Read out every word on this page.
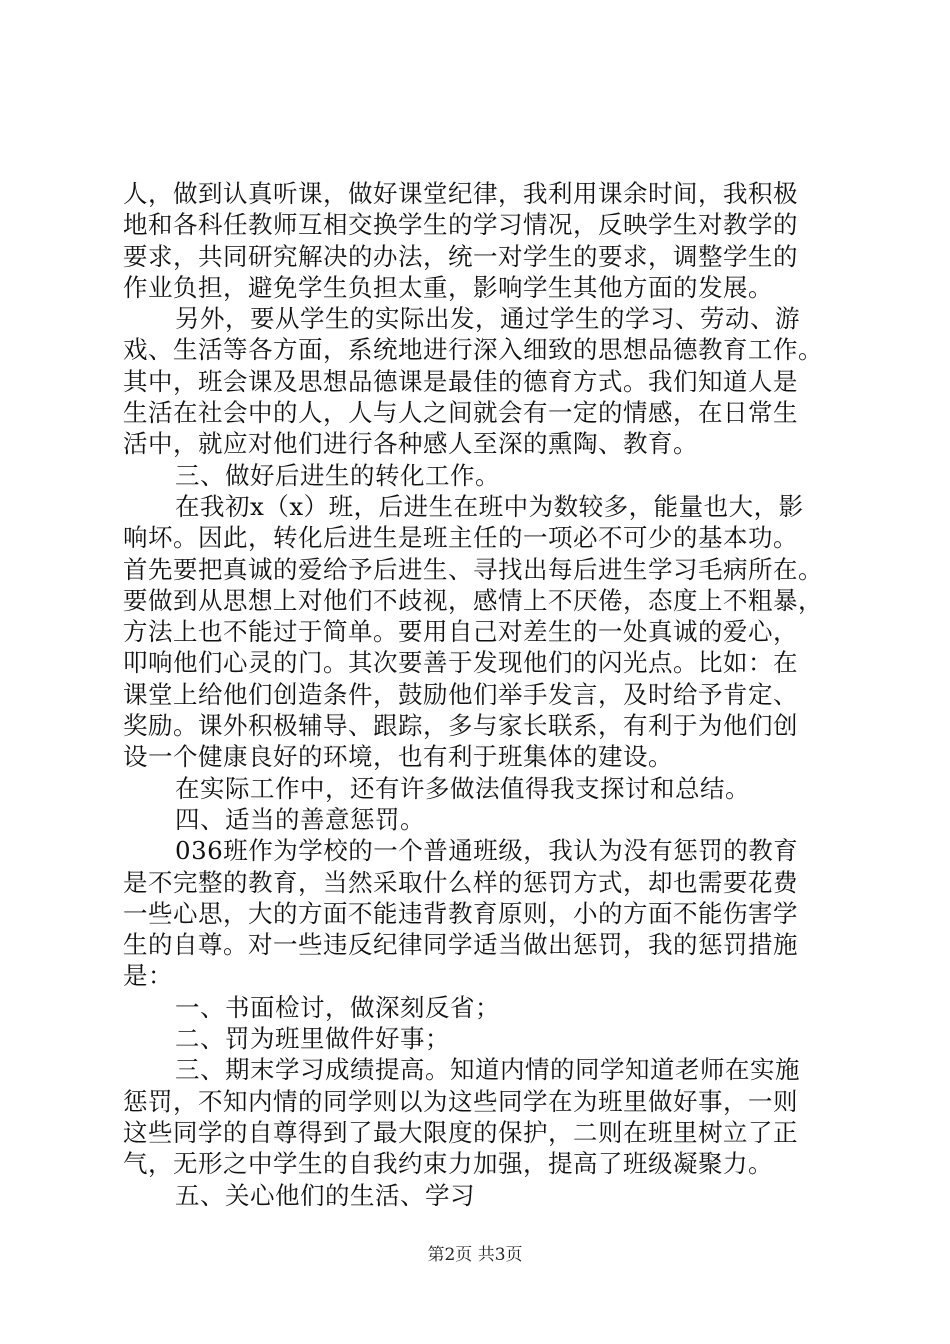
人，做到认真听课，做好课堂纪律，我利用课余时间，我积极
地和各科任教师互相交换学生的学习情况，反映学生对教学的
要求，共同研究解决的办法，统一对学生的要求，调整学生的
作业负担，避免学生负担太重，影响学生其他方面的发展。
另外，要从学生的实际出发，通过学生的学习、劳动、游
戏、生活等各方面，系统地进行深入细致的思想品德教育工作。
其中，班会课及思想品德课是最佳的德育方式。我们知道人是
生活在社会中的人，人与人之间就会有一定的情感，在日常生
活中，就应对他们进行各种感人至深的熏陶、教育。
三、做好后进生的转化工作。
在我初x（x）班，后进生在班中为数较多，能量也大，影
响坏。因此，转化后进生是班主任的一项必不可少的基本功。
首先要把真诚的爱给予后进生、寻找出每后进生学习毛病所在。
要做到从思想上对他们不歧视，感情上不厌倦，态度上不粗暴，
方法上也不能过于简单。要用自己对差生的一处真诚的爱心，
叩响他们心灵的门。其次要善于发现他们的闪光点。比如：在
课堂上给他们创造条件，鼓励他们举手发言，及时给予肯定、
奖励。课外积极辅导、跟踪，多与家长联系，有利于为他们创
设一个健康良好的环境，也有利于班集体的建设。
在实际工作中，还有许多做法值得我支探讨和总结。
四、适当的善意惩罚。
036班作为学校的一个普通班级，我认为没有惩罚的教育
是不完整的教育，当然采取什么样的惩罚方式，却也需要花费
一些心思，大的方面不能违背教育原则，小的方面不能伤害学
生的自尊。对一些违反纪律同学适当做出惩罚，我的惩罚措施
是：
一、书面检讨，做深刻反省；
二、罚为班里做件好事；
三、期末学习成绩提高。知道内情的同学知道老师在实施
惩罚，不知内情的同学则以为这些同学在为班里做好事，一则
这些同学的自尊得到了最大限度的保护，二则在班里树立了正
气，无形之中学生的自我约束力加强，提高了班级凝聚力。
五、关心他们的生活、学习
第2页 共3页
